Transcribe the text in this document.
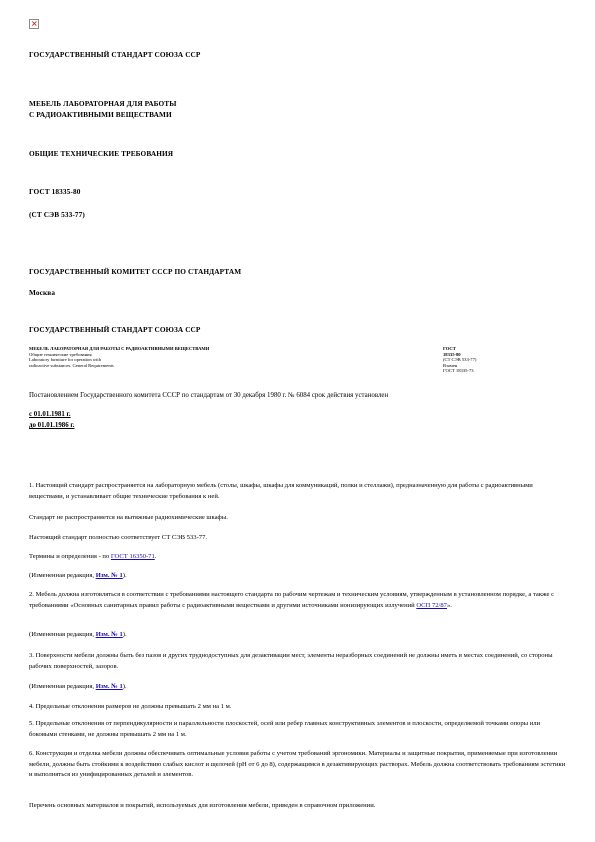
×
ГОСУДАРСТВЕННЫЙ СТАНДАРТ СОЮЗА ССР
МЕБЕЛЬ ЛАБОРАТОРНАЯ ДЛЯ РАБОТЫ
С РАДИОАКТИВНЫМИ ВЕЩЕСТВАМИ
ОБЩИЕ ТЕХНИЧЕСКИЕ ТРЕБОВАНИЯ
ГОСТ 18335-80
(СТ СЭВ 533-77)
ГОСУДАРСТВЕННЫЙ КОМИТЕТ СССР ПО СТАНДАРТАМ
Москва
ГОСУДАРСТВЕННЫЙ СТАНДАРТ СОЮЗА ССР
МЕБЕЛЬ ЛАБОРАТОРНАЯ ДЛЯ РАБОТЫ С РАДИОАКТИВНЫМИ ВЕЩЕСТВАМИ
Общие технические требования
Laboratory furniture for operation with
radioactive substances. General Requirements
ГОСТ
18335-80
(СТ СЭВ 533-77)
Взамен
ГОСТ 18335-73
Постановлением Государственного комитета СССР по стандартам от 30 декабря 1980 г. № 6084 срок действия установлен
с 01.01.1981 г.
до 01.01.1986 г.
1. Настоящий стандарт распространяется на лабораторную мебель (столы, шкафы, шкафы для коммуникаций, полки и стеллажи), предназначенную для работы с радиоактивными веществами, и устанавливает общие технические требования к ней.
Стандарт не распространяется на вытяжные радиохимические шкафы.
Настоящий стандарт полностью соответствует СТ СЭВ 533-77.
Термины и определения - по ГОСТ 16350-71.
(Измененная редакция, Изм. № 1).
2. Мебель должна изготовляться в соответствии с требованиями настоящего стандарта по рабочим чертежам и техническим условиям, утвержденным в установленном порядке, а также с требованиями «Основных санитарных правил работы с радиоактивными веществами и другими источниками ионизирующих излучений ОСП 72/87».
(Измененная редакция, Изм. № 1).
3. Поверхности мебели должны быть без пазов и других труднодоступных для дезактивации мест, элементы неразборных соединений не должны иметь в местах соединений, со стороны рабочих поверхностей, зазоров.
(Измененная редакция, Изм. № 1).
4. Предельные отклонения размеров не должны превышать 2 мм на 1 м.
5. Предельные отклонения от перпендикулярности и параллельности плоскостей, осей или ребер главных конструктивных элементов и плоскости, определяемой точками опоры или боковыми стенками, не должны превышать 2 мм на 1 м.
6. Конструкция и отделка мебели должны обеспечивать оптимальные условия работы с учетом требований эргономики. Материалы и защитные покрытия, применяемые при изготовлении мебели, должны быть стойкими к воздействию слабых кислот и щелочей (рН от 6 до 8), содержащимся в дезактивирующих растворах. Мебель должна соответствовать требованиям эстетики и выполняться из унифицированных деталей и элементов.
Перечень основных материалов и покрытий, используемых для изготовления мебели, приведен в справочном приложении.
